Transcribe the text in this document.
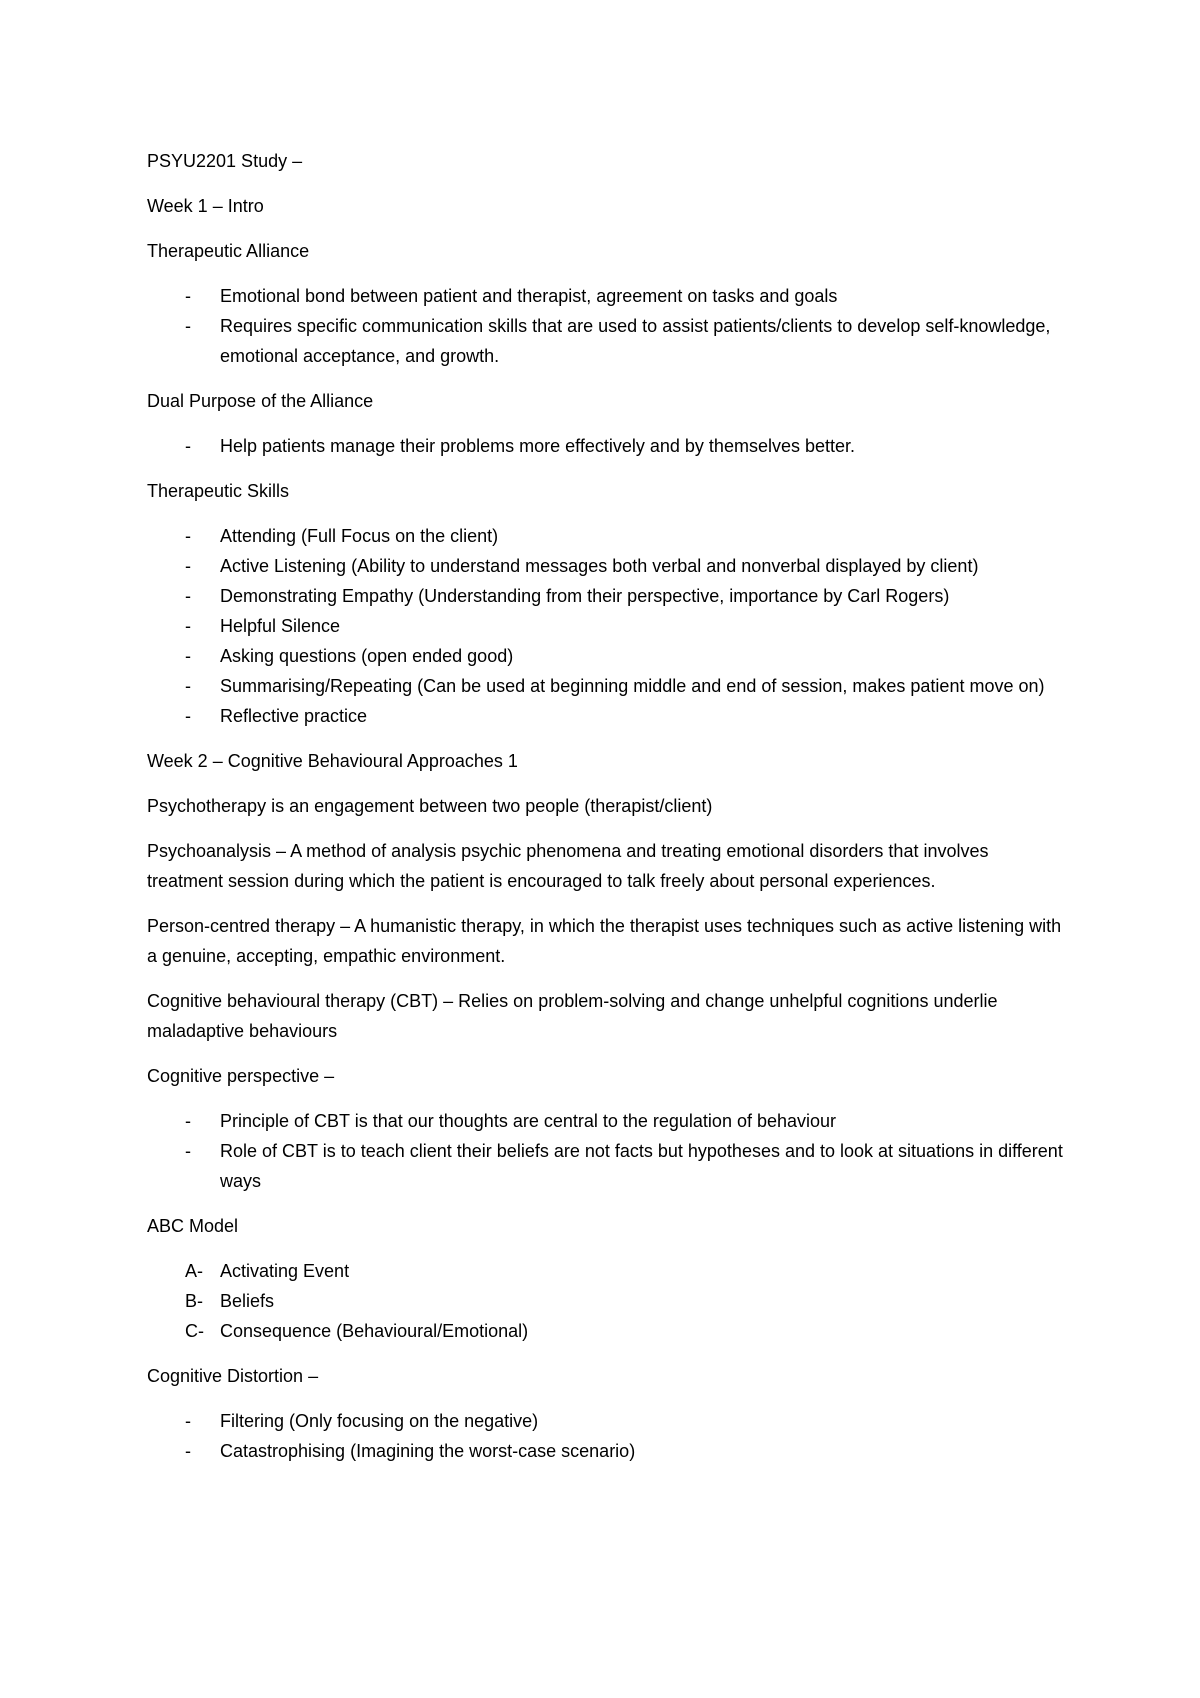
PSYU2201 Study –

Week 1 – Intro

Therapeutic Alliance

- Emotional bond between patient and therapist, agreement on tasks and goals
- Requires specific communication skills that are used to assist patients/clients to develop self-knowledge, emotional acceptance, and growth.

Dual Purpose of the Alliance

- Help patients manage their problems more effectively and by themselves better.

Therapeutic Skills

- Attending (Full Focus on the client)
- Active Listening (Ability to understand messages both verbal and nonverbal displayed by client)
- Demonstrating Empathy (Understanding from their perspective, importance by Carl Rogers)
- Helpful Silence
- Asking questions (open ended good)
- Summarising/Repeating (Can be used at beginning middle and end of session, makes patient move on)
- Reflective practice

Week 2 – Cognitive Behavioural Approaches 1

Psychotherapy is an engagement between two people (therapist/client)

Psychoanalysis – A method of analysis psychic phenomena and treating emotional disorders that involves treatment session during which the patient is encouraged to talk freely about personal experiences.

Person-centred therapy – A humanistic therapy, in which the therapist uses techniques such as active listening with a genuine, accepting, empathic environment.

Cognitive behavioural therapy (CBT) – Relies on problem-solving and change unhelpful cognitions underlie maladaptive behaviours

Cognitive perspective –

- Principle of CBT is that our thoughts are central to the regulation of behaviour
- Role of CBT is to teach client their beliefs are not facts but hypotheses and to look at situations in different ways

ABC Model

A- Activating Event
B- Beliefs
C- Consequence (Behavioural/Emotional)

Cognitive Distortion –

- Filtering (Only focusing on the negative)
- Catastrophising (Imagining the worst-case scenario)
